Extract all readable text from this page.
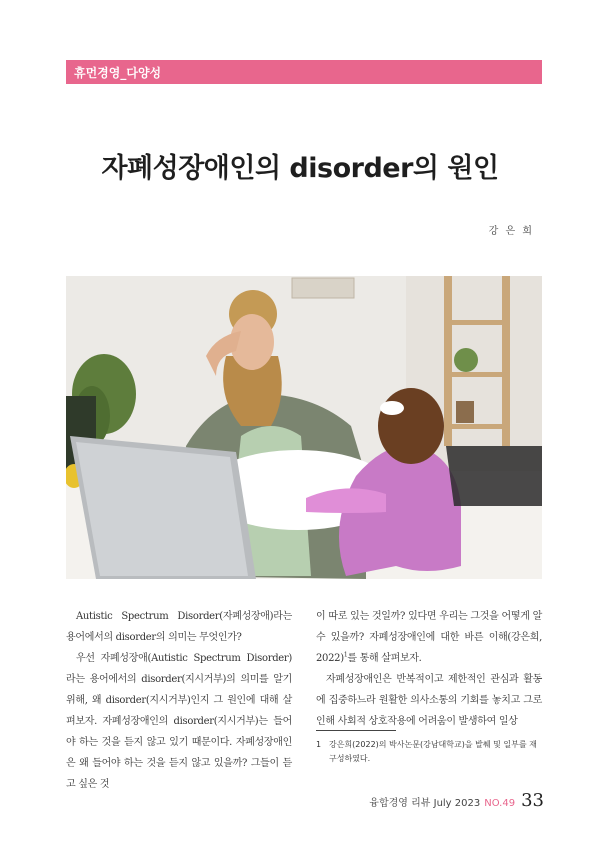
휴먼경영_다양성
자폐성장애인의 disorder의 원인
강 은 희

Autistic Spectrum Disorder(자폐성장애)라는 용어에서의 disorder의 의미는 무엇인가?

우선 자폐성장애(Autistic Spectrum Disorder)라는 용어에서의 disorder(지시거부)의 의미를 알기 위해, 왜 disorder(지시거부)인지 그 원인에 대해 살펴보자. 자폐성장애인의 disorder(지시거부)는 들어야 하는 것을 듣지 않고 있기 때문이다. 자폐성장애인은 왜 들어야 하는 것을 듣지 않고 있을까? 그들이 듣고 싶은 것

이 따로 있는 것일까? 있다면 우리는 그것을 어떻게 알 수 있을까? 자폐성장애인에 대한 바른 이해(강은희, 2022)$^1$를 통해 살펴보자.

자폐성장애인은 반복적이고 제한적인 관심과 활동에 집중하느라 원활한 의사소통의 기회를 놓치고 그로 인해 사회적 상호작용에 어려움이 발생하여 일상

1 강은희(2022)의 박사논문(강남대학교)을 발췌 및 일부를 재구성하였다.
융합경영 리뷰 July 2023 NO.49 33
